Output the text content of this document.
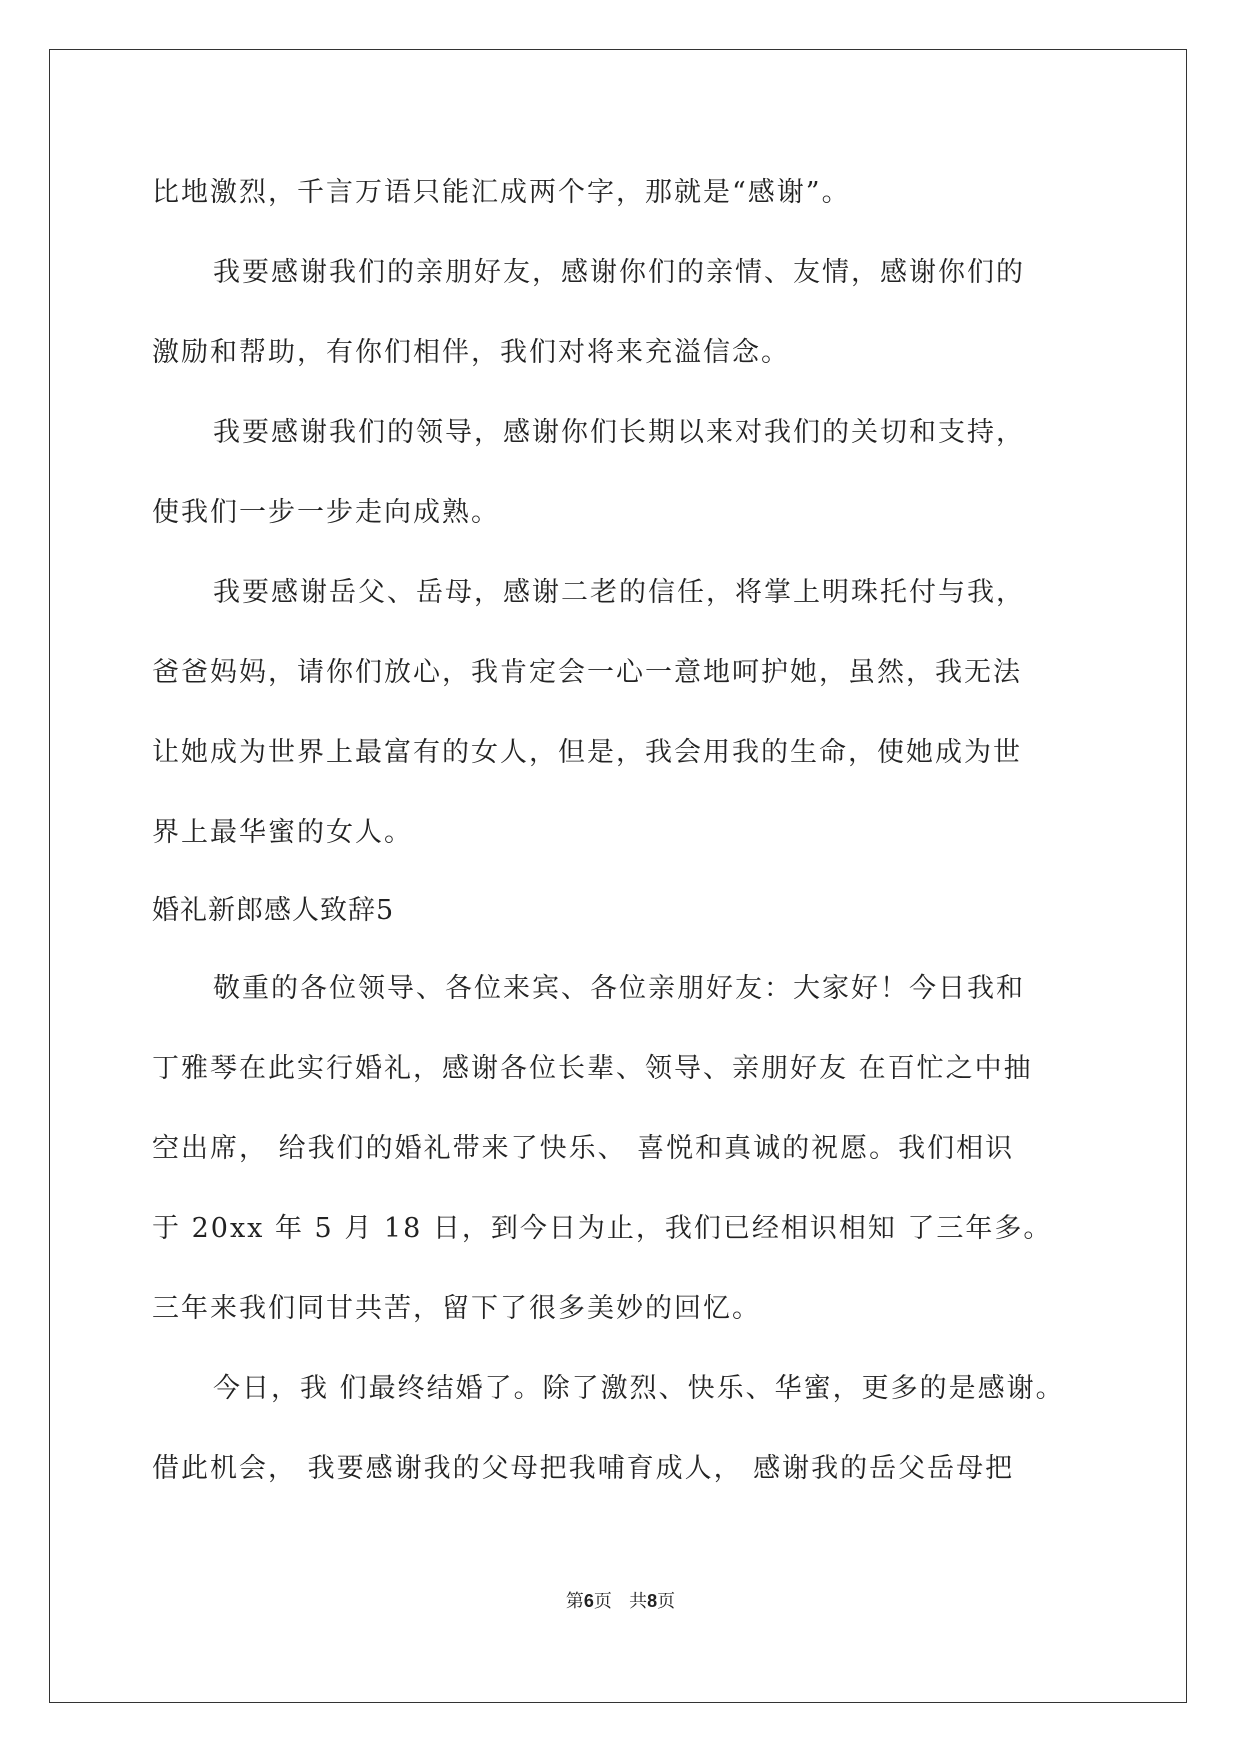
比地激烈，千言万语只能汇成两个字，那就是“感谢”。
我要感谢我们的亲朋好友，感谢你们的亲情、友情，感谢你们的
激励和帮助，有你们相伴，我们对将来充溢信念。
我要感谢我们的领导，感谢你们长期以来对我们的关切和支持，
使我们一步一步走向成熟。
我要感谢岳父、岳母，感谢二老的信任，将掌上明珠托付与我，
爸爸妈妈，请你们放心，我肯定会一心一意地呵护她，虽然，我无法
让她成为世界上最富有的女人，但是，我会用我的生命，使她成为世
界上最华蜜的女人。
婚礼新郎感人致辞5
敬重的各位领导、各位来宾、各位亲朋好友：大家好！今日我和
丁雅琴在此实行婚礼，感谢各位长辈、领导、亲朋好友 在百忙之中抽
空出席， 给我们的婚礼带来了快乐、 喜悦和真诚的祝愿。我们相识
于 20xx 年 5 月 18 日，到今日为止，我们已经相识相知 了三年多。
三年来我们同甘共苦，留下了很多美妙的回忆。
今日，我 们最终结婚了。除了激烈、快乐、华蜜，更多的是感谢。
借此机会， 我要感谢我的父母把我哺育成人， 感谢我的岳父岳母把
第6页 共8页
